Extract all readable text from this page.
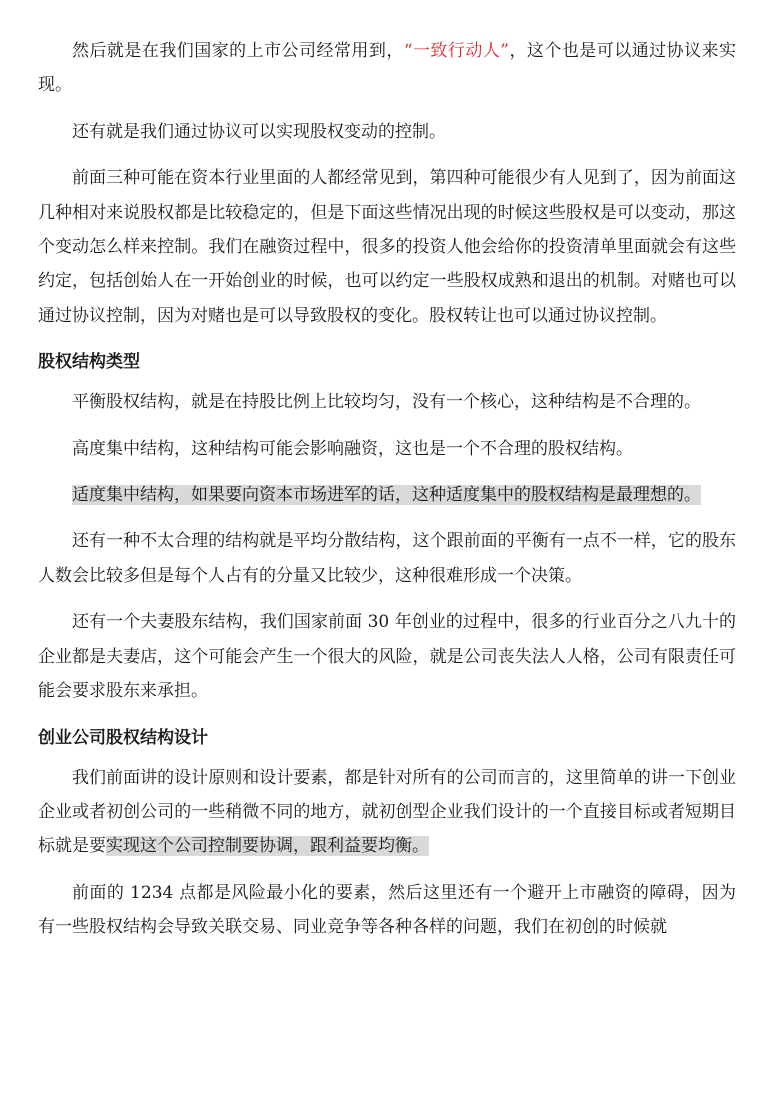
然后就是在我们国家的上市公司经常用到，“一致行动人”，这个也是可以通过协议来实现。

还有就是我们通过协议可以实现股权变动的控制。

前面三种可能在资本行业里面的人都经常见到，第四种可能很少有人见到了，因为前面这几种相对来说股权都是比较稳定的，但是下面这些情况出现的时候这些股权是可以变动，那这个变动怎么样来控制。我们在融资过程中，很多的投资人他会给你的投资清单里面就会有这些约定，包括创始人在一开始创业的时候，也可以约定一些股权成熟和退出的机制。对赌也可以通过协议控制，因为对赌也是可以导致股权的变化。股权转让也可以通过协议控制。

股权结构类型

平衡股权结构，就是在持股比例上比较均匀，没有一个核心，这种结构是不合理的。

高度集中结构，这种结构可能会影响融资，这也是一个不合理的股权结构。

适度集中结构，如果要向资本市场进军的话，这种适度集中的股权结构是最理想的。

还有一种不太合理的结构就是平均分散结构，这个跟前面的平衡有一点不一样，它的股东人数会比较多但是每个人占有的分量又比较少，这种很难形成一个决策。

还有一个夫妻股东结构，我们国家前面 30 年创业的过程中，很多的行业百分之八九十的企业都是夫妻店，这个可能会产生一个很大的风险，就是公司丧失法人人格，公司有限责任可能会要求股东来承担。

创业公司股权结构设计

我们前面讲的设计原则和设计要素，都是针对所有的公司而言的，这里简单的讲一下创业企业或者初创公司的一些稍微不同的地方，就初创型企业我们设计的一个直接目标或者短期目标就是要实现这个公司控制要协调，跟利益要均衡。

前面的 1234 点都是风险最小化的要素，然后这里还有一个避开上市融资的障碍，因为有一些股权结构会导致关联交易、同业竞争等各种各样的问题，我们在初创的时候就
